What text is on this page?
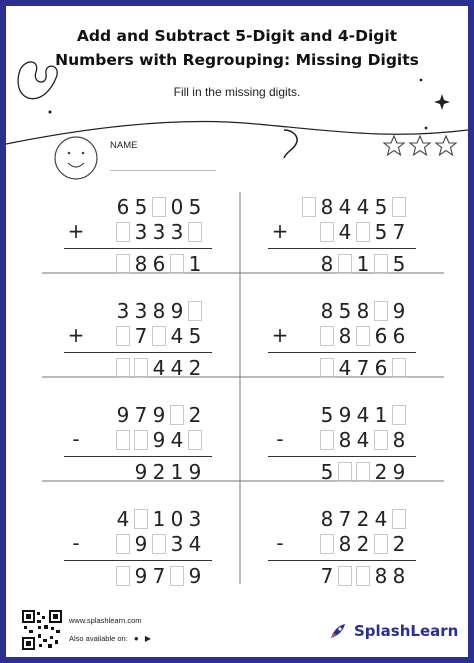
Add and Subtract 5-Digit and 4-Digit
Numbers with Regrouping: Missing Digits
Fill in the missing digits.
NAME
6 5 0 5
3 3 3
8 6 1
+
8 4 4 5
4 5 7
8 1 5
+
3 3 8 9
7 4 5
4 4 2
+
8 5 8 9
8 6 6
4 7 6
+
9 7 9 2
9 4
9 2 1 9
-
5 9 4 1
8 4 8
5 2 9
-
4 1 0 3
9 3 4
9 7 9
-
8 7 2 4
8 2 2
7 8 8
-
www.splashlearn.com
Also available on: ● ▶	SplashLearn
